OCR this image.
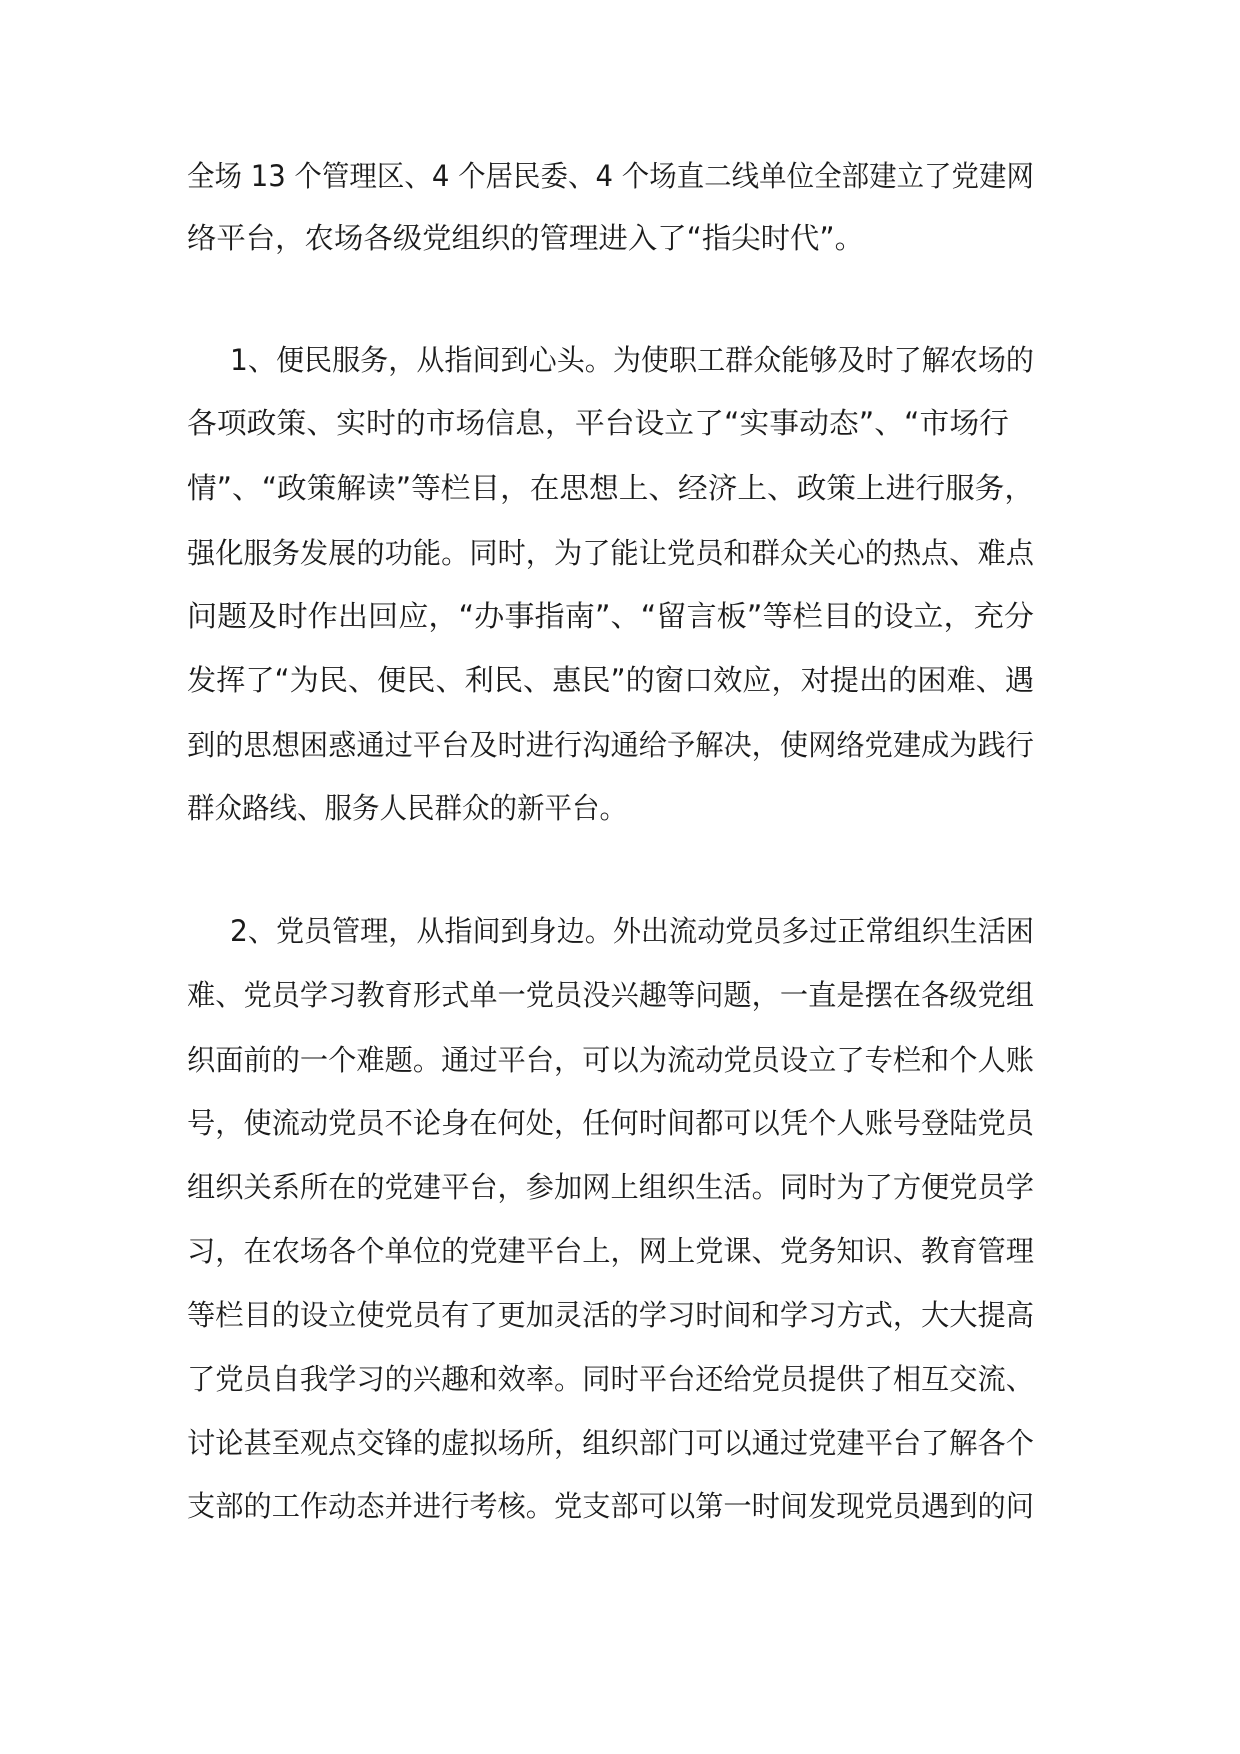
全场 13 个管理区、4 个居民委、4 个场直二线单位全部建立了党建网
络平台，农场各级党组织的管理进入了“指尖时代”。
1、便民服务，从指间到心头。为使职工群众能够及时了解农场的
各项政策、实时的市场信息，平台设立了“实事动态”、“市场行
情”、“政策解读”等栏目，在思想上、经济上、政策上进行服务，
强化服务发展的功能。同时，为了能让党员和群众关心的热点、难点
问题及时作出回应，“办事指南”、“留言板”等栏目的设立，充分
发挥了“为民、便民、利民、惠民”的窗口效应，对提出的困难、遇
到的思想困惑通过平台及时进行沟通给予解决，使网络党建成为践行
群众路线、服务人民群众的新平台。
2、党员管理，从指间到身边。外出流动党员多过正常组织生活困
难、党员学习教育形式单一党员没兴趣等问题，一直是摆在各级党组
织面前的一个难题。通过平台，可以为流动党员设立了专栏和个人账
号，使流动党员不论身在何处，任何时间都可以凭个人账号登陆党员
组织关系所在的党建平台，参加网上组织生活。同时为了方便党员学
习，在农场各个单位的党建平台上，网上党课、党务知识、教育管理
等栏目的设立使党员有了更加灵活的学习时间和学习方式，大大提高
了党员自我学习的兴趣和效率。同时平台还给党员提供了相互交流、
讨论甚至观点交锋的虚拟场所，组织部门可以通过党建平台了解各个
支部的工作动态并进行考核。党支部可以第一时间发现党员遇到的问
